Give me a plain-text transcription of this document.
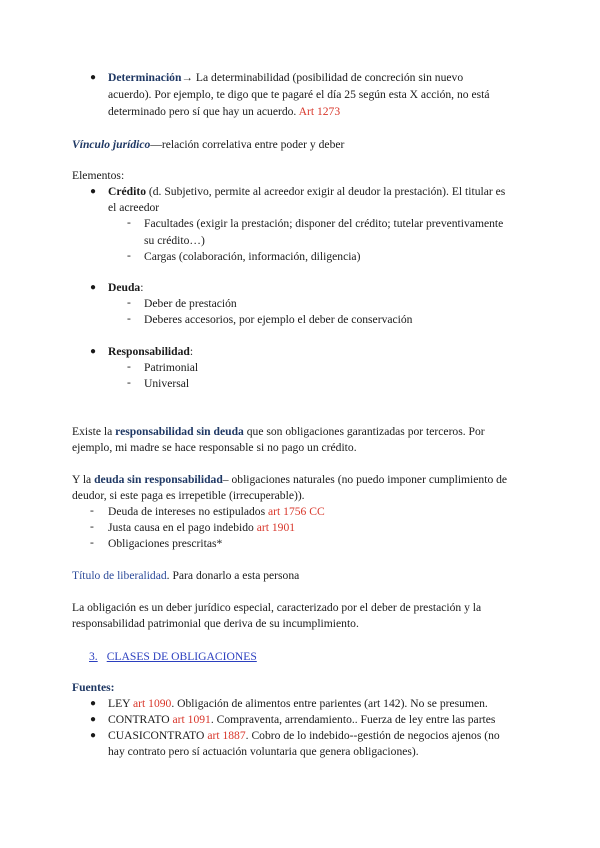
● Determinación→ La determinabilidad (posibilidad de concreción sin nuevo
acuerdo). Por ejemplo, te digo que te pagaré el día 25 según esta X acción, no está
determinado pero sí que hay un acuerdo. Art 1273
Vínculo jurídico—relación correlativa entre poder y deber
Elementos:
● Crédito (d. Subjetivo, permite al acreedor exigir al deudor la prestación). El titular es
el acreedor
- Facultades (exigir la prestación; disponer del crédito; tutelar preventivamente
su crédito…)
- Cargas (colaboración, información, diligencia)
● Deuda:
- Deber de prestación
- Deberes accesorios, por ejemplo el deber de conservación
● Responsabilidad:
- Patrimonial
- Universal
Existe la responsabilidad sin deuda que son obligaciones garantizadas por terceros. Por
ejemplo, mi madre se hace responsable si no pago un crédito.
Y la deuda sin responsabilidad– obligaciones naturales (no puedo imponer cumplimiento de
deudor, si este paga es irrepetible (irrecuperable)).
- Deuda de intereses no estipulados art 1756 CC
- Justa causa en el pago indebido art 1901
- Obligaciones prescritas*
Título de liberalidad. Para donarlo a esta persona
La obligación es un deber jurídico especial, caracterizado por el deber de prestación y la
responsabilidad patrimonial que deriva de su incumplimiento.
3. CLASES DE OBLIGACIONES
Fuentes:
● LEY art 1090. Obligación de alimentos entre parientes (art 142). No se presumen.
● CONTRATO art 1091. Compraventa, arrendamiento.. Fuerza de ley entre las partes
● CUASICONTRATO art 1887. Cobro de lo indebido--gestión de negocios ajenos (no
hay contrato pero sí actuación voluntaria que genera obligaciones).
